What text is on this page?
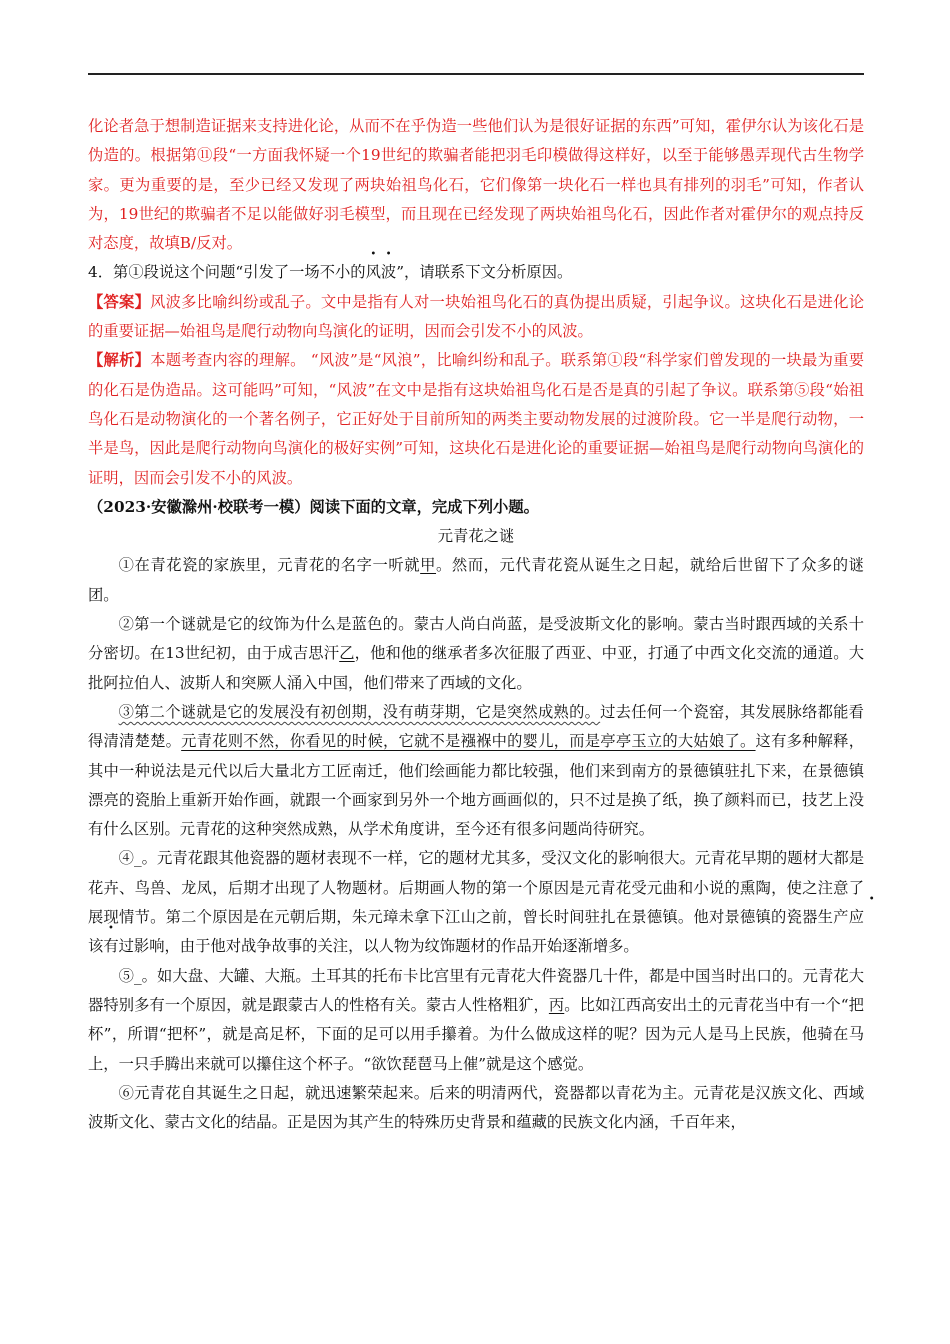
化论者急于想制造证据来支持进化论，从而不在乎伪造一些他们认为是很好证据的东西”可知，霍伊尔认为该化石是伪造的。根据第⑪段“一方面我怀疑一个19世纪的欺骗者能把羽毛印模做得这样好，以至于能够愚弄现代古生物学家。更为重要的是，至少已经又发现了两块始祖鸟化石，它们像第一块化石一样也具有排列的羽毛”可知，作者认为，19世纪的欺骗者不足以能做好羽毛模型，而且现在已经发现了两块始祖鸟化石，因此作者对霍伊尔的观点持反对态度，故填B/反对。

4．第①段说这个问题“引发了一场不小的风波”，请联系下文分析原因。

【答案】风波多比喻纠纷或乱子。文中是指有人对一块始祖鸟化石的真伪提出质疑，引起争议。这块化石是进化论的重要证据—始祖鸟是爬行动物向鸟演化的证明，因而会引发不小的风波。

【解析】本题考查内容的理解。 “风波”是“风浪”，比喻纠纷和乱子。联系第①段“科学家们曾发现的一块最为重要的化石是伪造品。这可能吗”可知，“风波”在文中是指有这块始祖鸟化石是否是真的引起了争议。联系第⑤段“始祖鸟化石是动物演化的一个著名例子，它正好处于目前所知的两类主要动物发展的过渡阶段。它一半是爬行动物，一半是鸟，因此是爬行动物向鸟演化的极好实例”可知，这块化石是进化论的重要证据—始祖鸟是爬行动物向鸟演化的证明，因而会引发不小的风波。

（2023·安徽滁州·校联考一模）阅读下面的文章，完成下列小题。

元青花之谜

①在青花瓷的家族里，元青花的名字一听就甲。然而，元代青花瓷从诞生之日起，就给后世留下了众多的谜团。

②第一个谜就是它的纹饰为什么是蓝色的。蒙古人尚白尚蓝，是受波斯文化的影响。蒙古当时跟西域的关系十分密切。在13世纪初，由于成吉思汗乙，他和他的继承者多次征服了西亚、中亚，打通了中西文化交流的通道。大批阿拉伯人、波斯人和突厥人涌入中国，他们带来了西域的文化。

③第二个谜就是它的发展没有初创期，没有萌芽期，它是突然成熟的。过去任何一个瓷窑，其发展脉络都能看得清清楚楚。元青花则不然，你看见的时候，它就不是襁褓中的婴儿，而是亭亭玉立的大姑娘了。这有多种解释，其中一种说法是元代以后大量北方工匠南迁，他们绘画能力都比较强，他们来到南方的景德镇驻扎下来，在景德镇漂亮的瓷胎上重新开始作画，就跟一个画家到另外一个地方画画似的，只不过是换了纸，换了颜料而已，技艺上没有什么区别。元青花的这种突然成熟，从学术角度讲，至今还有很多问题尚待研究。

④_。元青花跟其他瓷器的题材表现不一样，它的题材尤其多，受汉文化的影响很大。元青花早期的题材大都是花卉、鸟兽、龙凤，后期才出现了人物题材。后期画人物的第一个原因是元青花受元曲和小说的熏陶，使之注意了展现情节。第二个原因是在元朝后期，朱元璋未拿下江山之前，曾长时间驻扎在景德镇。他对景德镇的瓷器生产应该有过影响，由于他对战争故事的关注，以人物为纹饰题材的作品开始逐渐增多。

⑤_。如大盘、大罐、大瓶。土耳其的托布卡比宫里有元青花大件瓷器几十件，都是中国当时出口的。元青花大器特别多有一个原因，就是跟蒙古人的性格有关。蒙古人性格粗犷，丙。比如江西高安出土的元青花当中有一个“把杯”，所谓“把杯”，就是高足杯，下面的足可以用手攥着。为什么做成这样的呢？因为元人是马上民族，他骑在马上，一只手腾出来就可以攥住这个杯子。“欲饮琵琶马上催”就是这个感觉。

⑥元青花自其诞生之日起，就迅速繁荣起来。后来的明清两代，瓷器都以青花为主。元青花是汉族文化、西域波斯文化、蒙古文化的结晶。正是因为其产生的特殊历史背景和蕴藏的民族文化内涵，千百年来，
